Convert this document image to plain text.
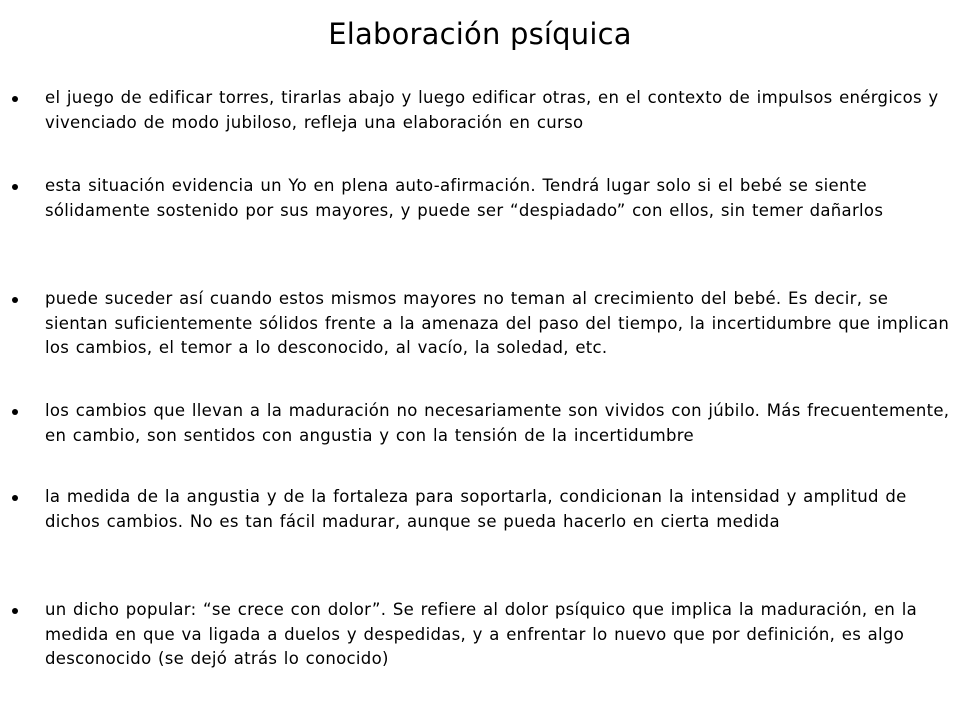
Elaboración psíquica
el juego de edificar torres, tirarlas abajo y luego edificar otras, en el contexto de impulsos enérgicos y vivenciado de modo jubiloso, refleja una elaboración en curso
esta situación evidencia un Yo en plena auto-afirmación. Tendrá lugar solo si el bebé se siente sólidamente sostenido por sus mayores, y puede ser “despiadado” con ellos, sin temer dañarlos
puede suceder así cuando estos mismos mayores no teman al crecimiento del bebé. Es decir, se sientan suficientemente sólidos frente a la amenaza del paso del tiempo, la incertidumbre que implican los cambios, el temor a lo desconocido, al vacío, la soledad, etc.
los cambios que llevan a la maduración no necesariamente son vividos con júbilo. Más frecuentemente, en cambio, son sentidos con angustia y con la tensión de la incertidumbre
la medida de la angustia y de la fortaleza para soportarla, condicionan la intensidad y amplitud de dichos cambios. No es tan fácil madurar, aunque se pueda hacerlo en cierta medida
un dicho popular: “se crece con dolor”. Se refiere al dolor psíquico que implica la maduración, en la medida en que va ligada a duelos y despedidas, y a enfrentar lo nuevo que por definición, es algo desconocido (se dejó atrás lo conocido)
